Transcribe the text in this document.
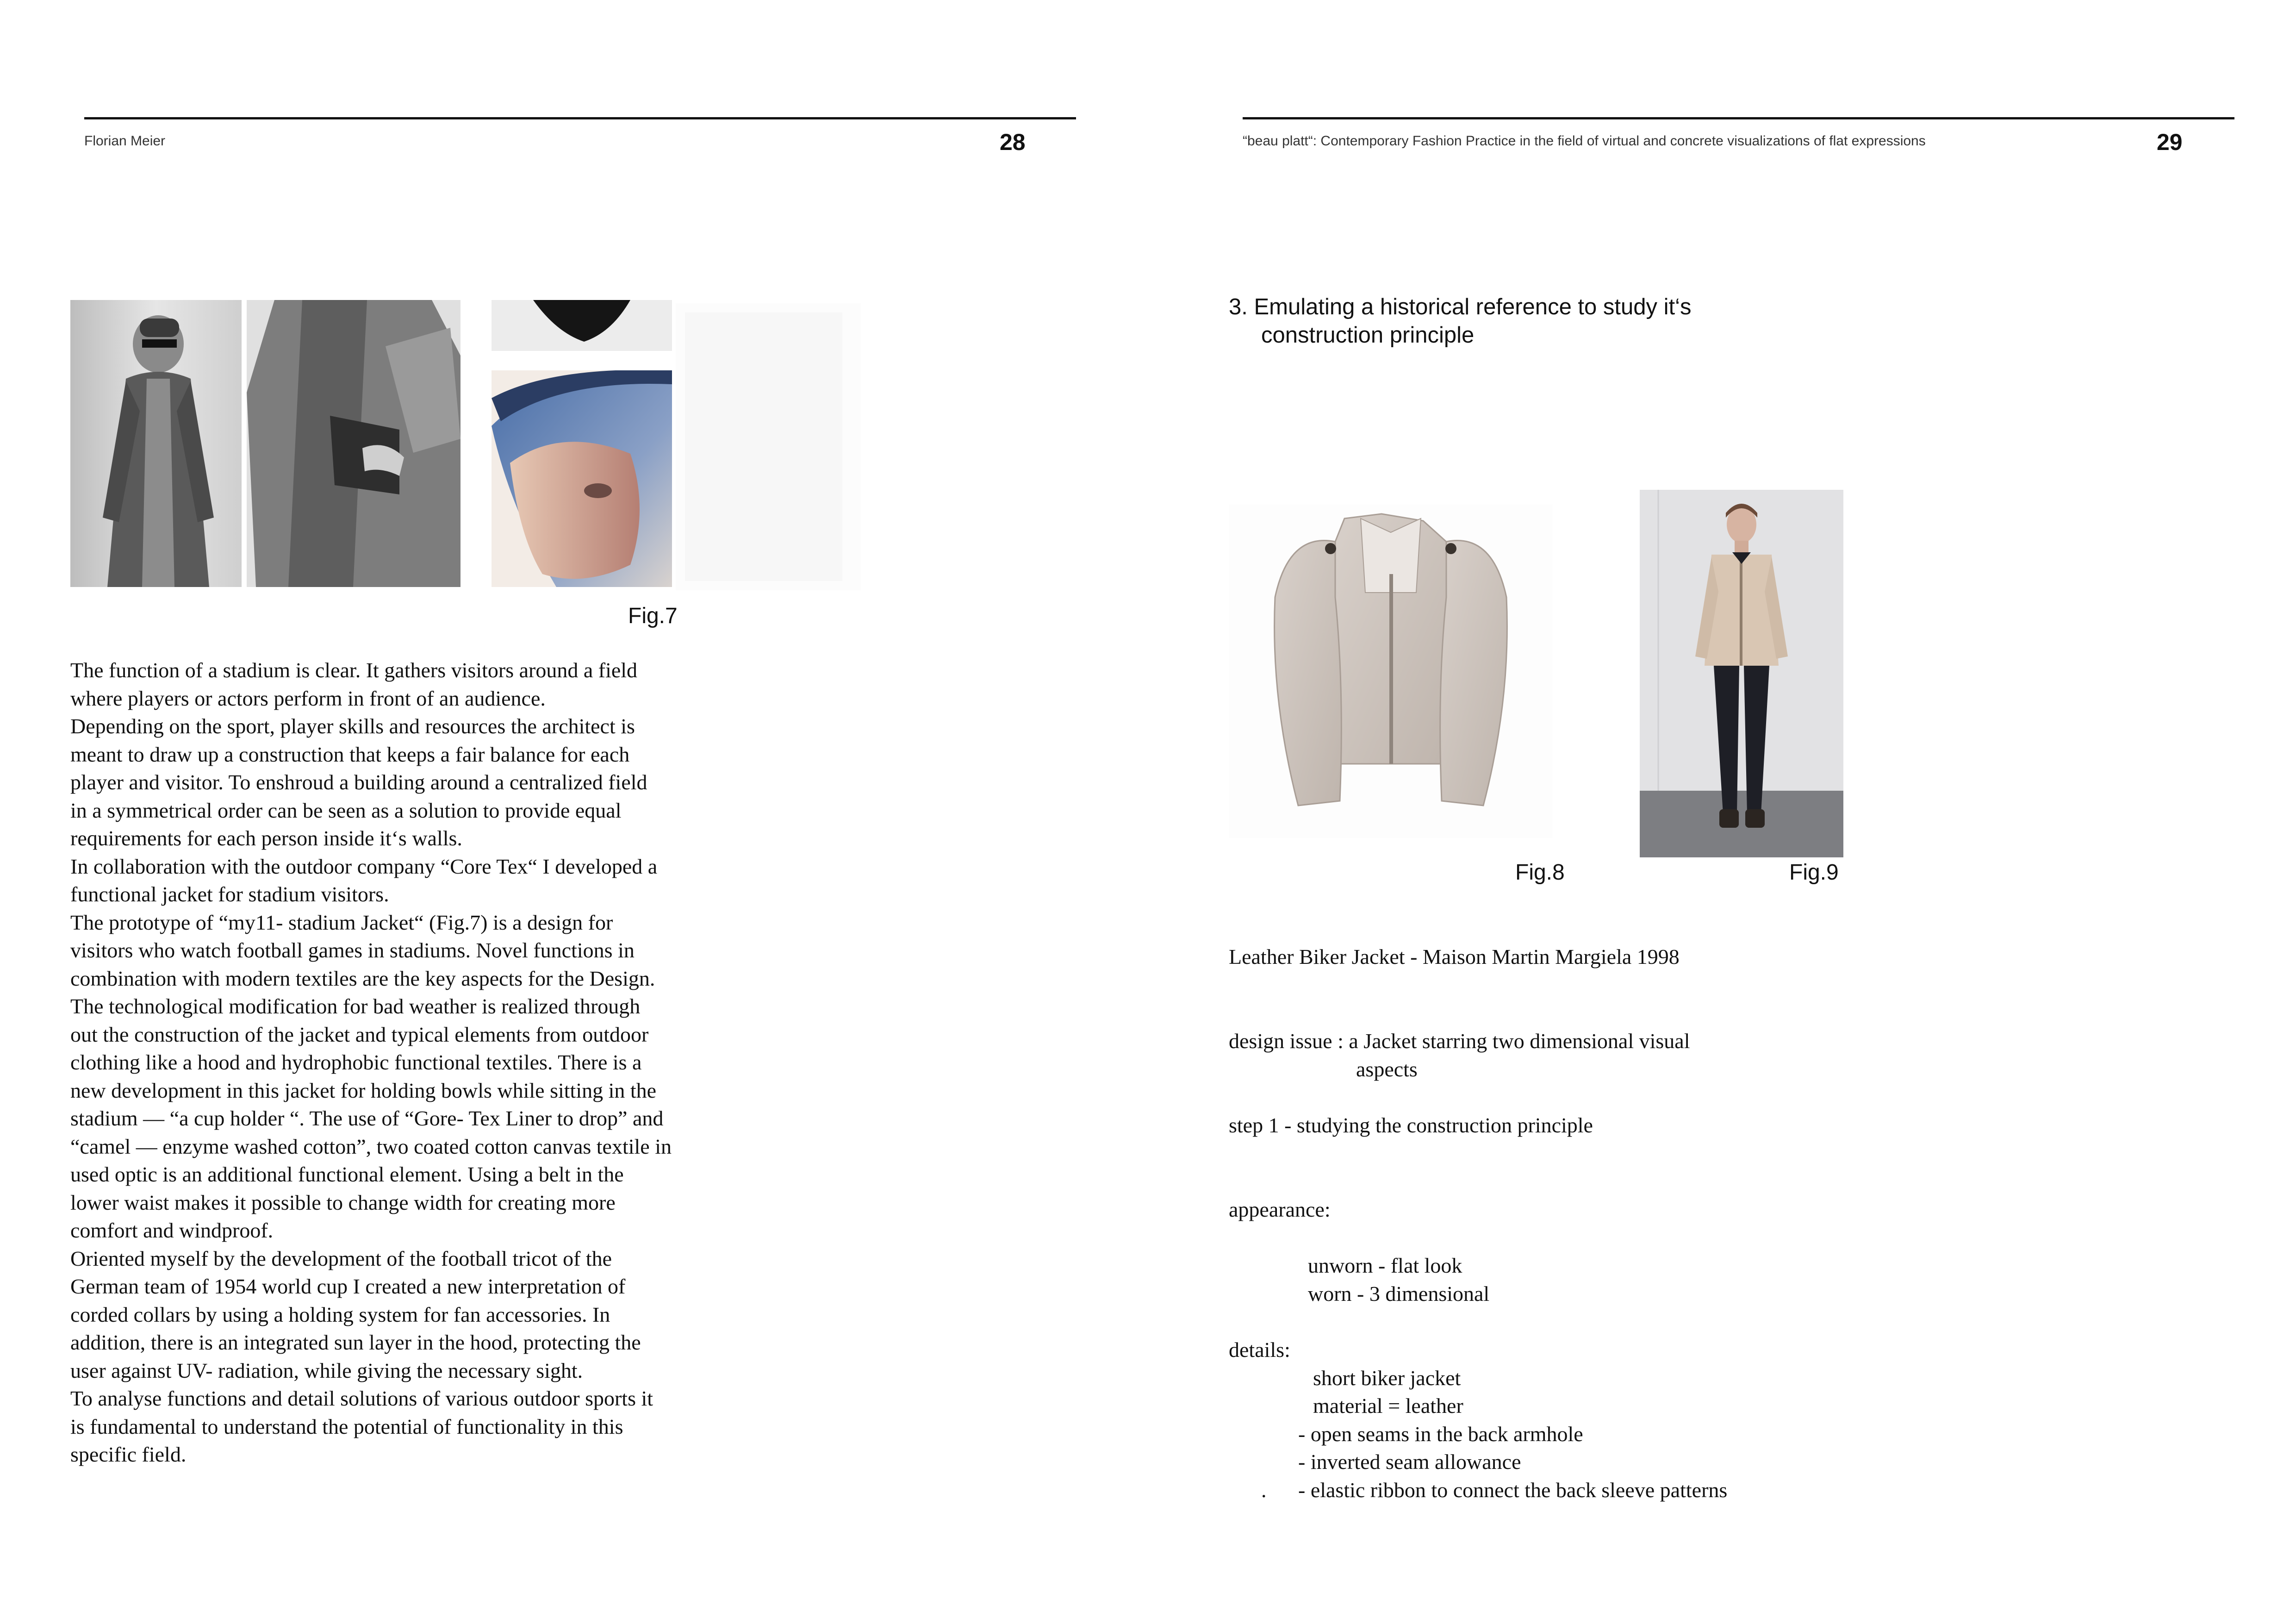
Florian Meier	28
Fig.7
The function of a stadium is clear. It gathers visitors around a field
where players or actors perform in front of an audience.
Depending on the sport, player skills and resources the architect is
meant to draw up a construction that keeps a fair balance for each
player and visitor. To enshroud a building around a centralized field
in a symmetrical order can be seen as a solution to provide equal
requirements for each person inside it‘s walls.
In collaboration with the outdoor company “Core Tex“ I developed a
functional jacket for stadium visitors.
The prototype of “my11- stadium Jacket“ (Fig.7) is a design for
visitors who watch football games in stadiums. Novel functions in
combination with modern textiles are the key aspects for the Design.
The technological modification for bad weather is realized through
out the construction of the jacket and typical elements from outdoor
clothing like a hood and hydrophobic functional textiles. There is a
new development in this jacket for holding bowls while sitting in the
stadium — “a cup holder “. The use of “Gore- Tex Liner to drop” and
“camel — enzyme washed cotton”, two coated cotton canvas textile in
used optic is an additional functional element. Using a belt in the
lower waist makes it possible to change width for creating more
comfort and windproof.
Oriented myself by the development of the football tricot of the
German team of 1954 world cup I created a new interpretation of
corded collars by using a holding system for fan accessories. In
addition, there is an integrated sun layer in the hood, protecting the
user against UV- radiation, while giving the necessary sight.
To analyse functions and detail solutions of various outdoor sports it
is fundamental to understand the potential of functionality in this
specific field.
“beau platt“: Contemporary Fashion Practice in the field of virtual and concrete visualizations of flat expressions	29
3. Emulating a historical reference to study it‘s
construction principle
Fig.8	Fig.9
Leather Biker Jacket - Maison Martin Margiela 1998
design issue : a Jacket starring two dimensional visual
aspects
step 1 - studying the construction principle
appearance:
unworn - flat look
worn - 3 dimensional
details:
short biker jacket
material = leather
- open seams in the back armhole
- inverted seam allowance
. - elastic ribbon to connect the back sleeve patterns
